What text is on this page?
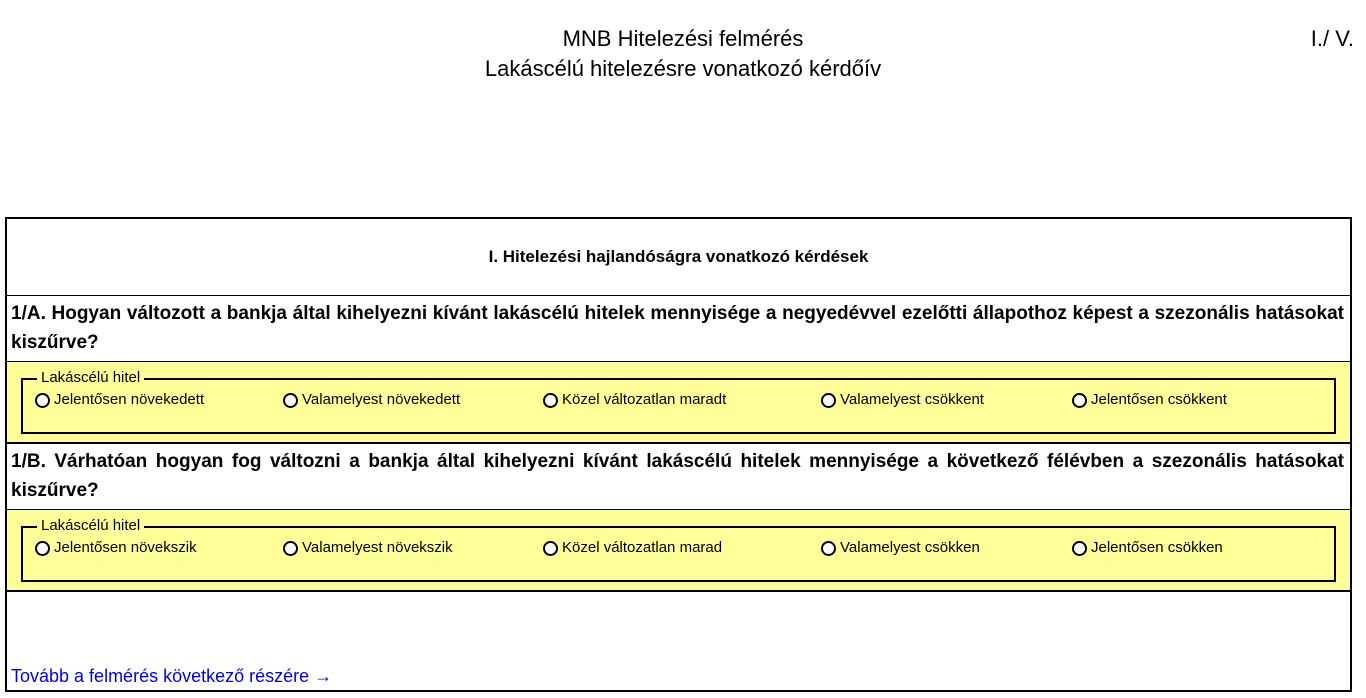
MNB Hitelezési felmérés
Lakáscélú hitelezésre vonatkozó kérdőív
I./ V.
I. Hitelezési hajlandóságra vonatkozó kérdések
1/A. Hogyan változott a bankja által kihelyezni kívánt lakáscélú hitelek mennyisége a negyedévvel ezelőtti állapothoz képest a szezonális hatásokat kiszűrve?
Lakáscélú hitel
Jelentősen növekedett	Valamelyest növekedett	Közel változatlan maradt	Valamelyest csökkent	Jelentősen csökkent
1/B. Várhatóan hogyan fog változni a bankja által kihelyezni kívánt lakáscélú hitelek mennyisége a következő félévben a szezonális hatásokat kiszűrve?
Lakáscélú hitel
Jelentősen növekszik	Valamelyest növekszik	Közel változatlan marad	Valamelyest csökken	Jelentősen csökken
Tovább a felmérés következő részére →
